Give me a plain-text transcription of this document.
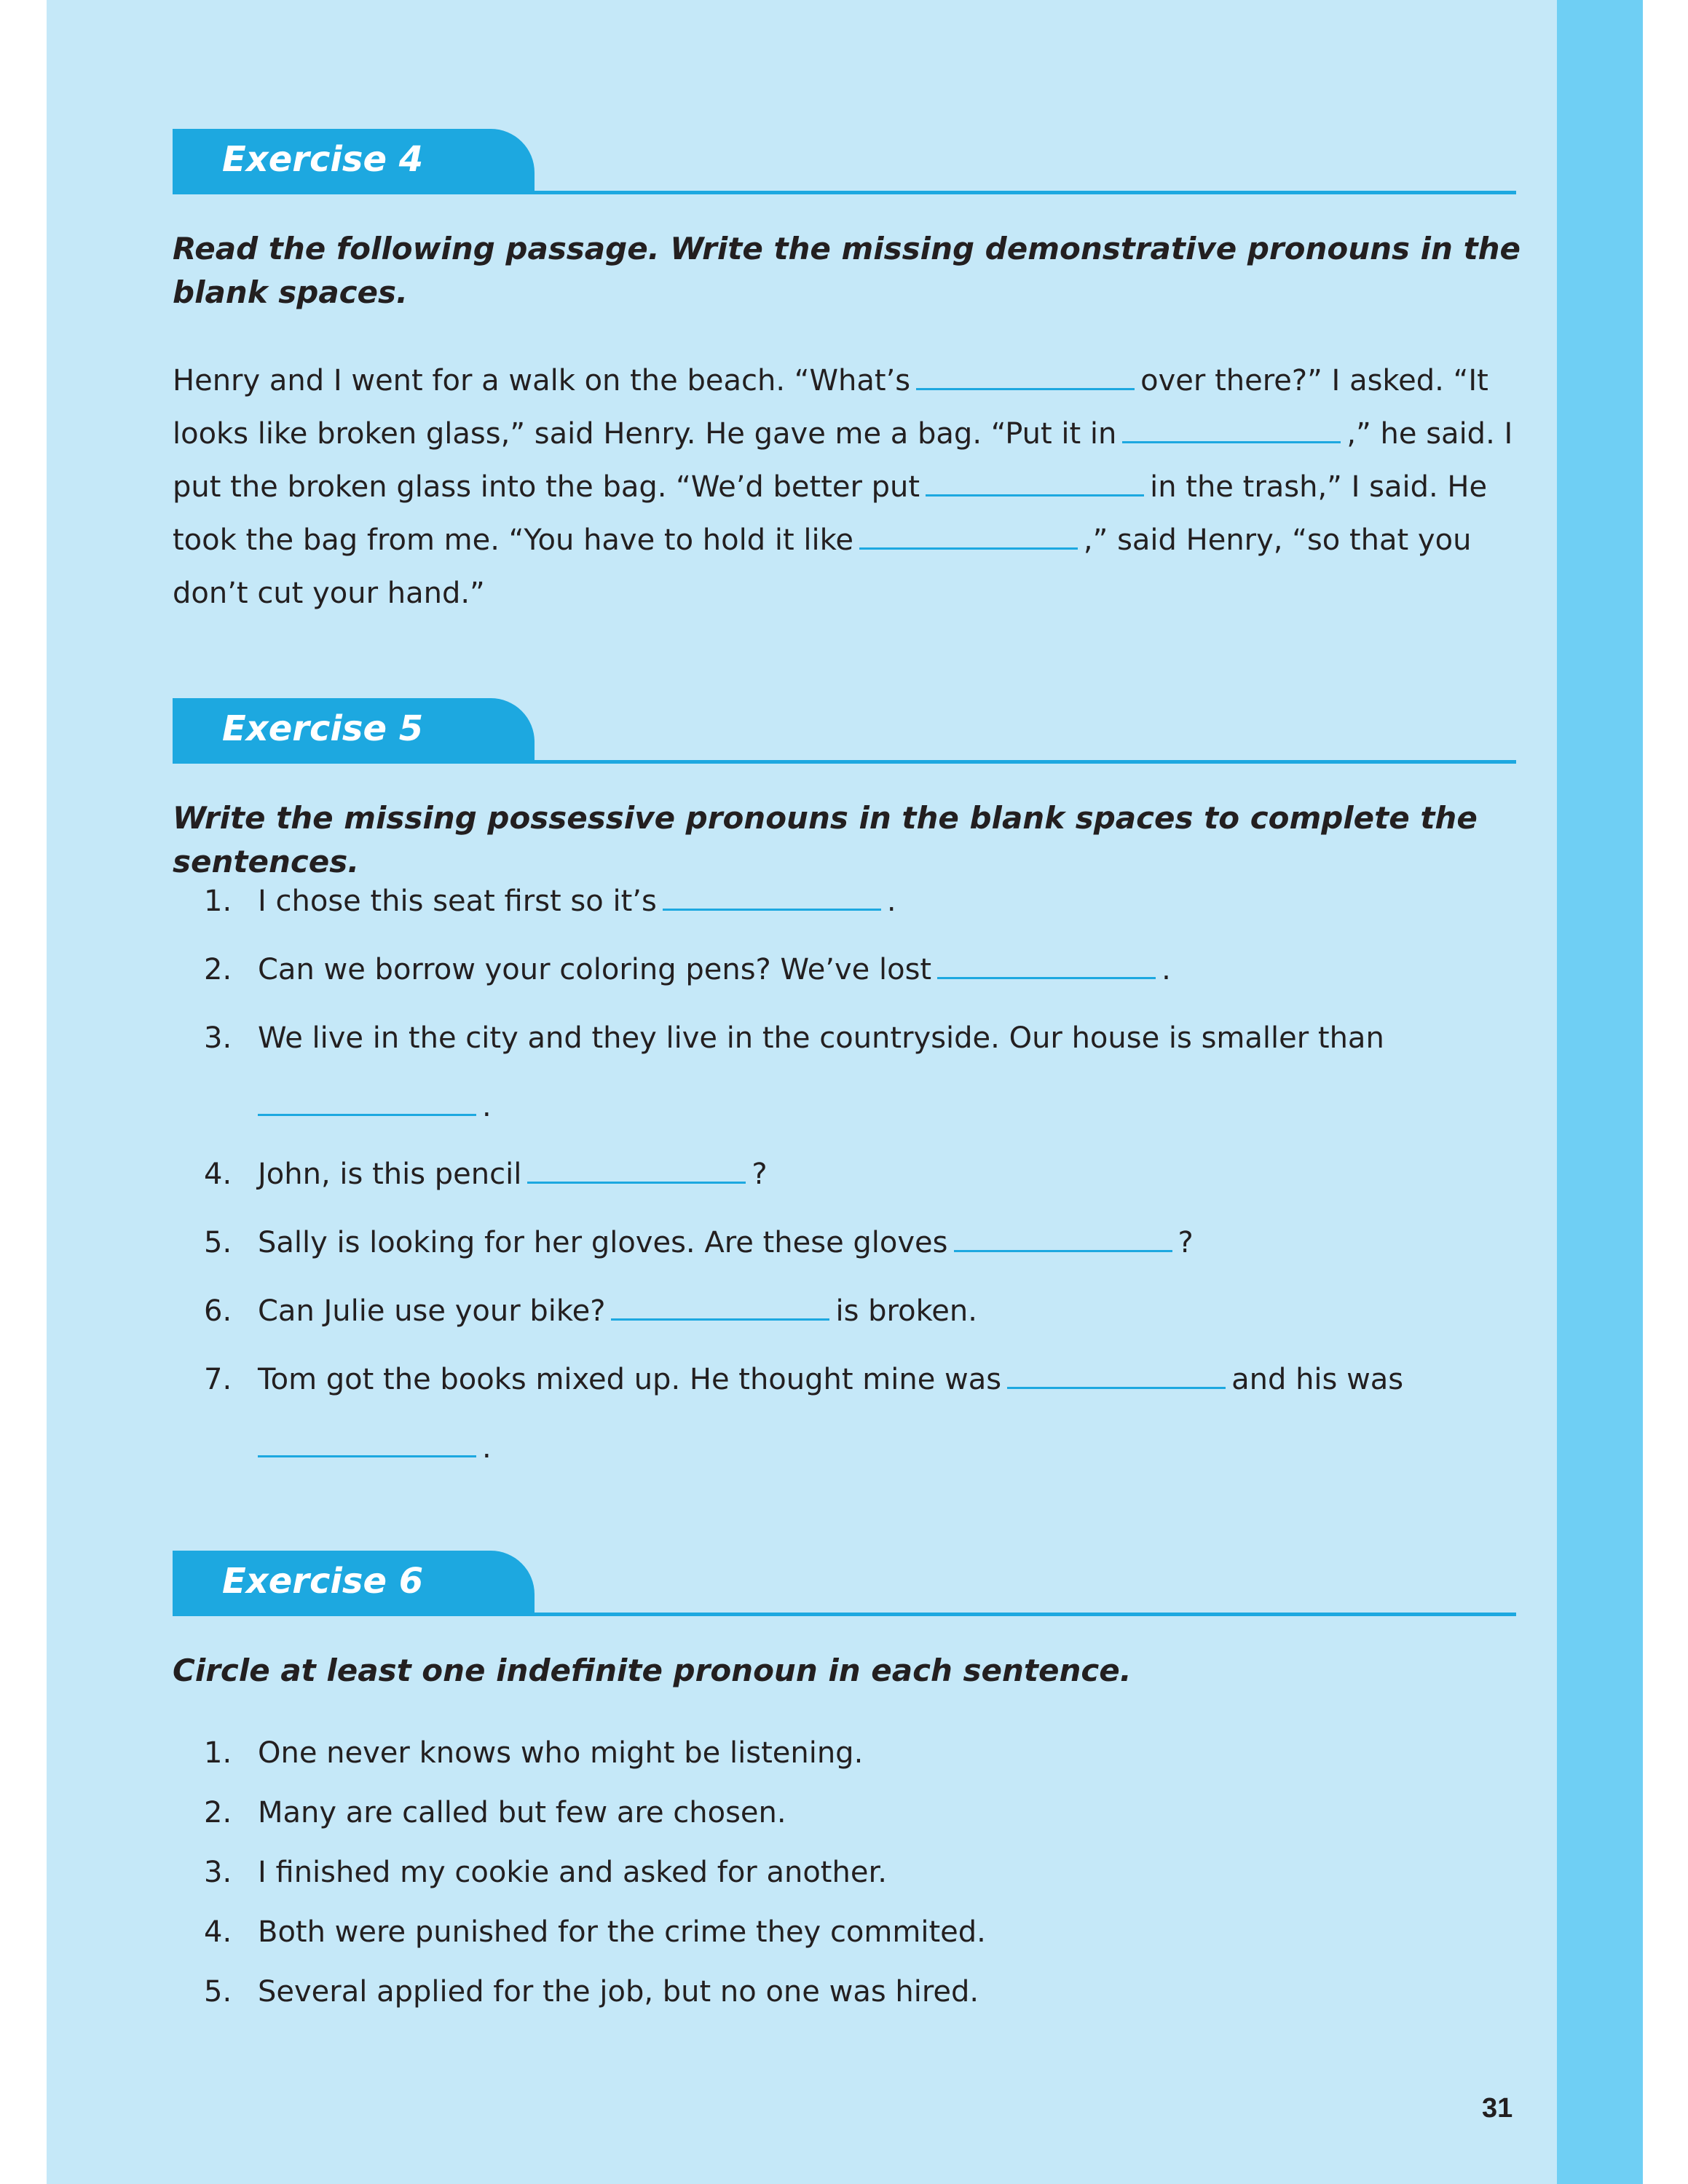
Exercise 4
Read the following passage. Write the missing demonstrative pronouns in the blank spaces.
Henry and I went for a walk on the beach. “What’s	over there?” I asked. “It looks like broken glass,” said Henry. He gave me a bag. “Put it in	,” he said. I put the broken glass into the bag. “We’d better put	in the trash,” I said. He took the bag from me. “You have to hold it like	,” said Henry, “so that you don’t cut your hand.”
Exercise 5
Write the missing possessive pronouns in the blank spaces to complete the sentences.
1. I chose this seat first so it’s	.
2. Can we borrow your coloring pens? We’ve lost	.
3. We live in the city and they live in the countryside. Our house is smaller than
.
4. John, is this pencil	?
5. Sally is looking for her gloves. Are these gloves	?
6. Can Julie use your bike?	is broken.
7. Tom got the books mixed up. He thought mine was	and his was
.
Exercise 6
Circle at least one indefinite pronoun in each sentence.
1. One never knows who might be listening.
2. Many are called but few are chosen.
3. I finished my cookie and asked for another.
4. Both were punished for the crime they commited.
5. Several applied for the job, but no one was hired.
31
